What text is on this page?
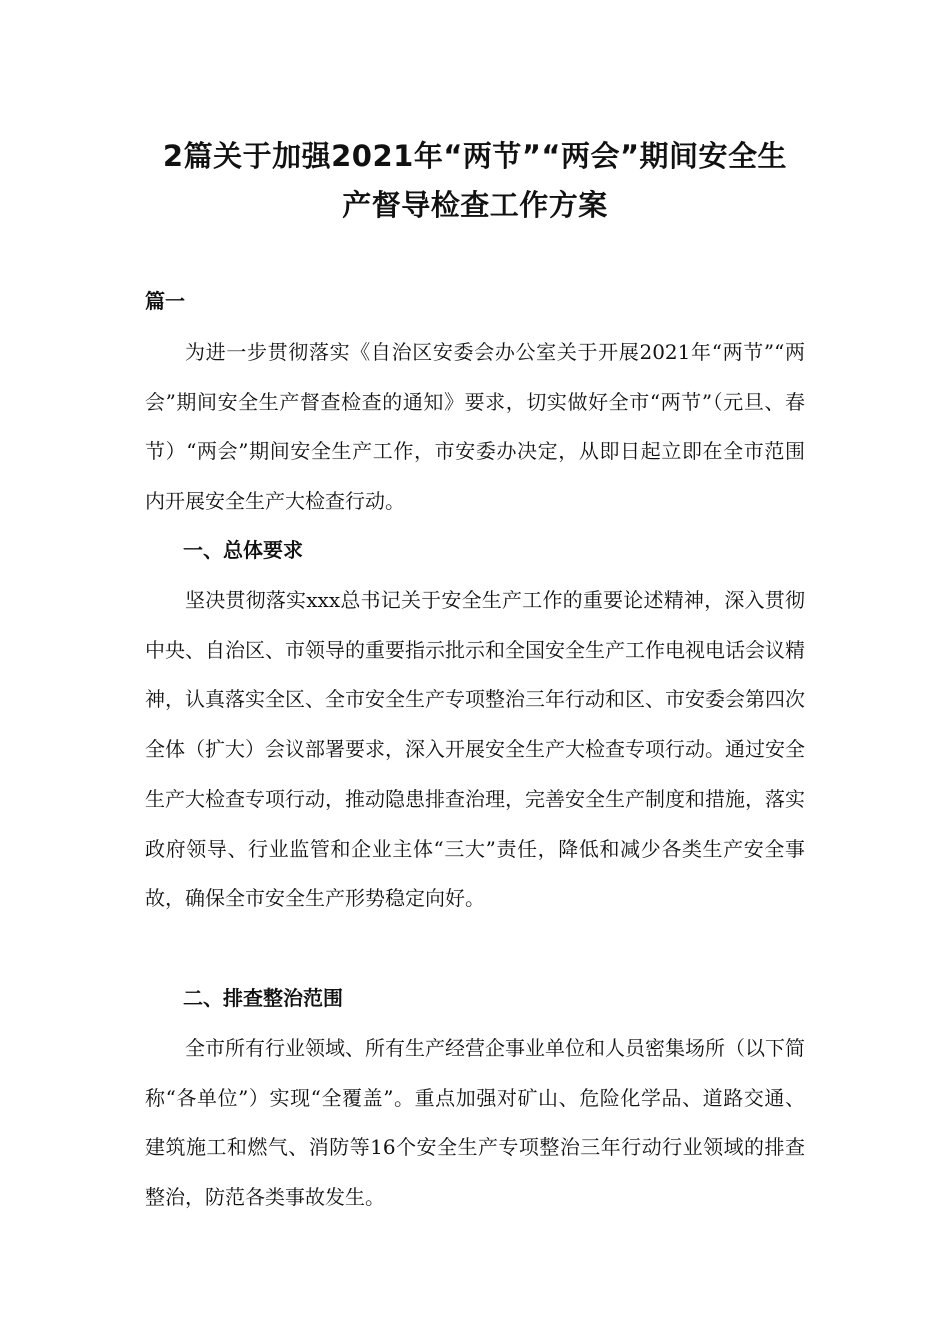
2篇关于加强2021年“两节”“两会”期间安全生
产督导检查工作方案
篇一
为进一步贯彻落实《自治区安委会办公室关于开展2021年“两节”“两会”期间安全生产督查检查的通知》要求，切实做好全市“两节”（元旦、春节）“两会”期间安全生产工作，市安委办决定，从即日起立即在全市范围内开展安全生产大检查行动。
一、总体要求
坚决贯彻落实xxx总书记关于安全生产工作的重要论述精神，深入贯彻中央、自治区、市领导的重要指示批示和全国安全生产工作电视电话会议精神，认真落实全区、全市安全生产专项整治三年行动和区、市安委会第四次全体（扩大）会议部署要求，深入开展安全生产大检查专项行动。通过安全生产大检查专项行动，推动隐患排查治理，完善安全生产制度和措施，落实政府领导、行业监管和企业主体“三大”责任，降低和减少各类生产安全事故，确保全市安全生产形势稳定向好。
二、排查整治范围
全市所有行业领域、所有生产经营企事业单位和人员密集场所（以下简称“各单位”）实现“全覆盖”。重点加强对矿山、危险化学品、道路交通、建筑施工和燃气、消防等16个安全生产专项整治三年行动行业领域的排查整治，防范各类事故发生。
